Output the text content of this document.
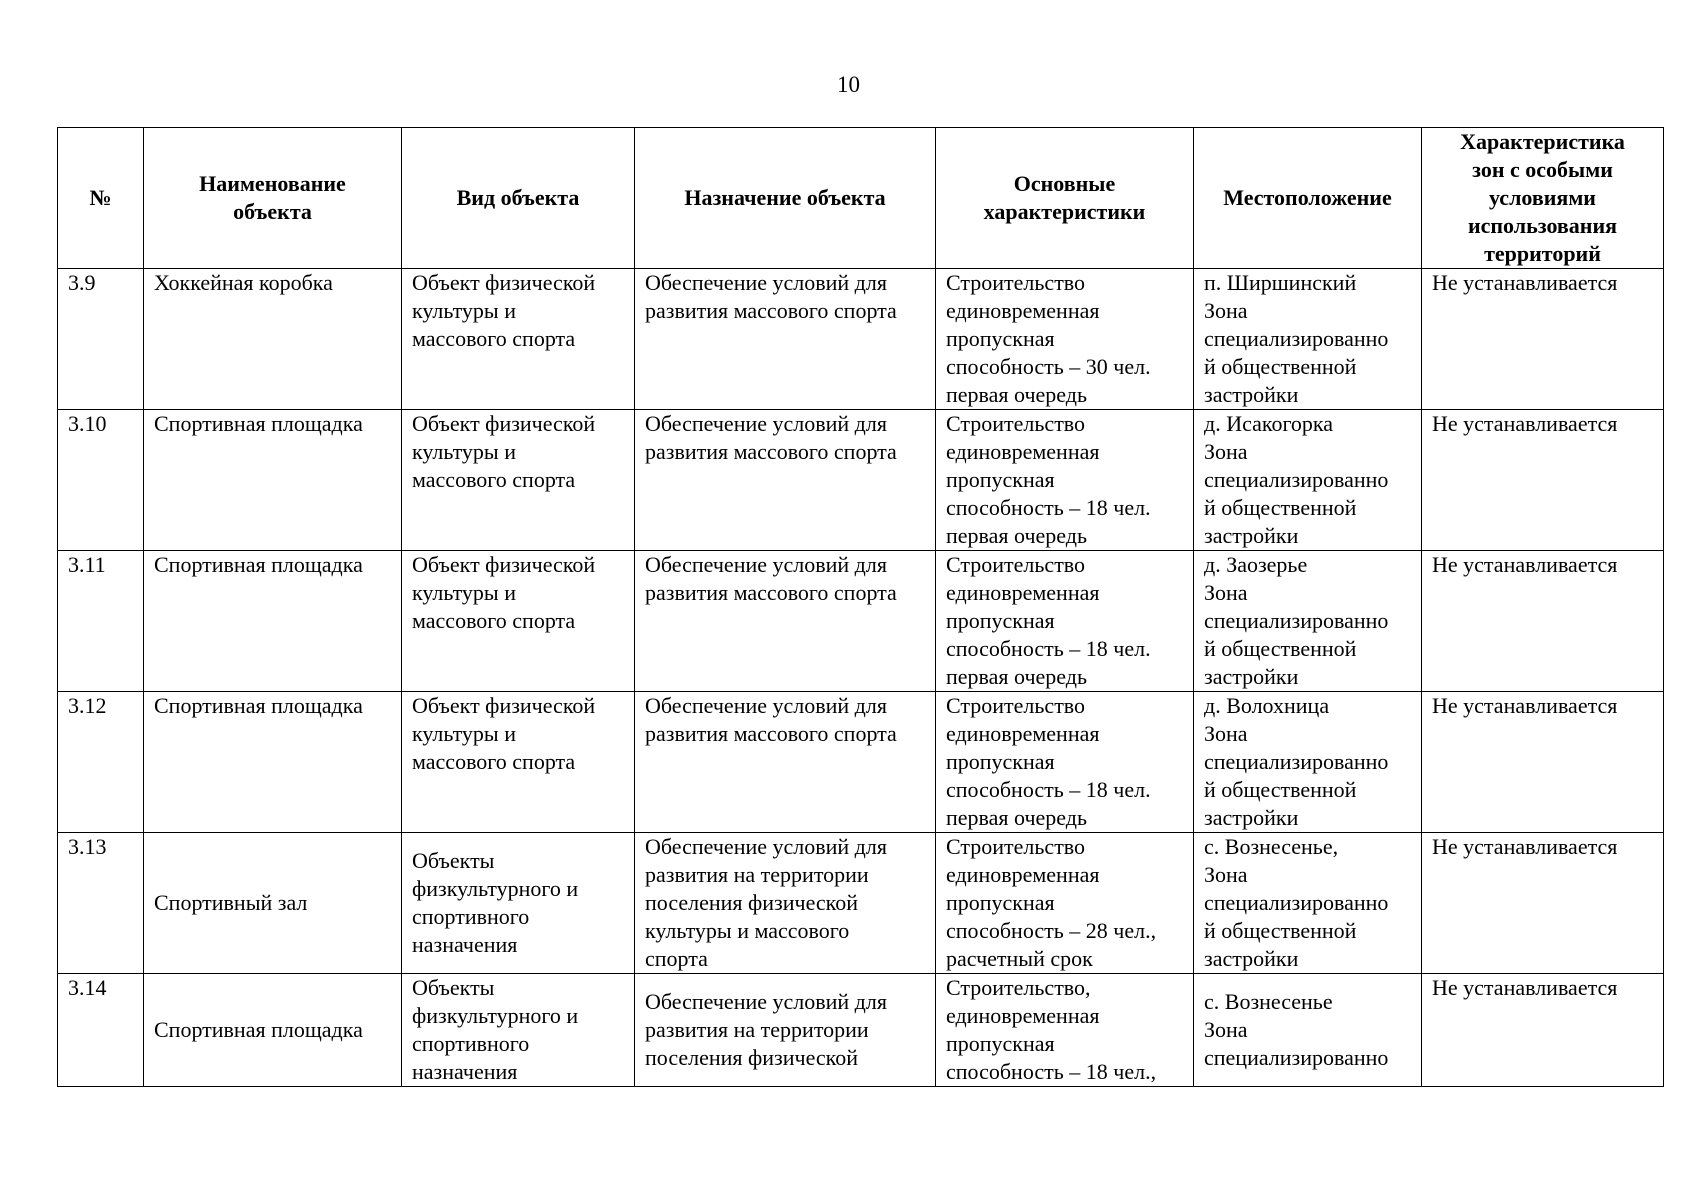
10
№	Наименование
объекта	Вид объекта	Назначение объекта	Основные
характеристики	Местоположение	Характеристика
зон с особыми
условиями
использования
территорий
3.9	Хоккейная коробка	Объект физической
культуры и
массового спорта	Обеспечение условий для
развития массового спорта	Строительство
единовременная
пропускная
способность – 30 чел.
первая очередь	п. Ширшинский
Зона
специализированно
й общественной
застройки	Не устанавливается
3.10	Спортивная площадка	Объект физической
культуры и
массового спорта	Обеспечение условий для
развития массового спорта	Строительство
единовременная
пропускная
способность – 18 чел.
первая очередь	д. Исакогорка
Зона
специализированно
й общественной
застройки	Не устанавливается
3.11	Спортивная площадка	Объект физической
культуры и
массового спорта	Обеспечение условий для
развития массового спорта	Строительство
единовременная
пропускная
способность – 18 чел.
первая очередь	д. Заозерье
Зона
специализированно
й общественной
застройки	Не устанавливается
3.12	Спортивная площадка	Объект физической
культуры и
массового спорта	Обеспечение условий для
развития массового спорта	Строительство
единовременная
пропускная
способность – 18 чел.
первая очередь	д. Волохница
Зона
специализированно
й общественной
застройки	Не устанавливается
3.13	Спортивный зал	Объекты
физкультурного и
спортивного
назначения	Обеспечение условий для
развития на территории
поселения физической
культуры и массового
спорта	Строительство
единовременная
пропускная
способность – 28 чел.,
расчетный срок	с. Вознесенье,
Зона
специализированно
й общественной
застройки	Не устанавливается
3.14	Спортивная площадка	Объекты
физкультурного и
спортивного
назначения	Обеспечение условий для
развития на территории
поселения физической	Строительство,
единовременная
пропускная
способность – 18 чел.,	с. Вознесенье
Зона
специализированно	Не устанавливается
